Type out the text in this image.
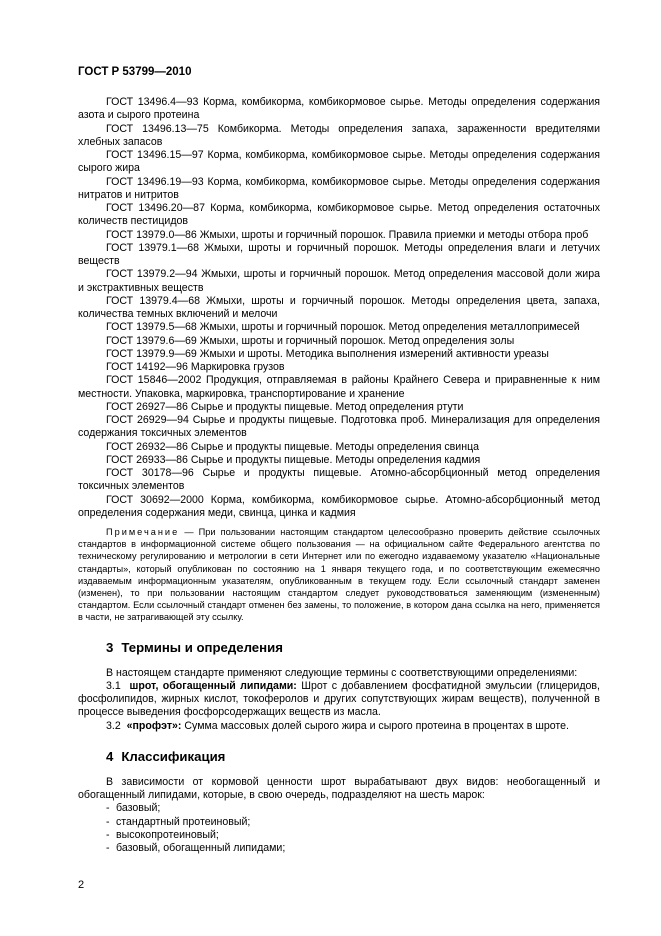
ГОСТ Р 53799—2010

ГОСТ 13496.4—93 Корма, комбикорма, комбикормовое сырье. Методы определения содержания азота и сырого протеина

ГОСТ 13496.13—75 Комбикорма. Методы определения запаха, зараженности вредителями хлебных запасов

ГОСТ 13496.15—97 Корма, комбикорма, комбикормовое сырье. Методы определения содержания сырого жира

ГОСТ 13496.19—93 Корма, комбикорма, комбикормовое сырье. Методы определения содержания нитратов и нитритов

ГОСТ 13496.20—87 Корма, комбикорма, комбикормовое сырье. Метод определения остаточных количеств пестицидов

ГОСТ 13979.0—86 Жмыхи, шроты и горчичный порошок. Правила приемки и методы отбора проб

ГОСТ 13979.1—68 Жмыхи, шроты и горчичный порошок. Методы определения влаги и летучих веществ

ГОСТ 13979.2—94 Жмыхи, шроты и горчичный порошок. Метод определения массовой доли жира и экстрактивных веществ

ГОСТ 13979.4—68 Жмыхи, шроты и горчичный порошок. Методы определения цвета, запаха, количества темных включений и мелочи

ГОСТ 13979.5—68 Жмыхи, шроты и горчичный порошок. Метод определения металлопримесей

ГОСТ 13979.6—69 Жмыхи, шроты и горчичный порошок. Метод определения золы

ГОСТ 13979.9—69 Жмыхи и шроты. Методика выполнения измерений активности уреазы

ГОСТ 14192—96 Маркировка грузов

ГОСТ 15846—2002 Продукция, отправляемая в районы Крайнего Севера и приравненные к ним местности. Упаковка, маркировка, транспортирование и хранение

ГОСТ 26927—86 Сырье и продукты пищевые. Метод определения ртути

ГОСТ 26929—94 Сырье и продукты пищевые. Подготовка проб. Минерализация для определения содержания токсичных элементов

ГОСТ 26932—86 Сырье и продукты пищевые. Методы определения свинца

ГОСТ 26933—86 Сырье и продукты пищевые. Методы определения кадмия

ГОСТ 30178—96 Сырье и продукты пищевые. Атомно-абсорбционный метод определения токсичных элементов

ГОСТ 30692—2000 Корма, комбикорма, комбикормовое сырье. Атомно-абсорбционный метод определения содержания меди, свинца, цинка и кадмия

Примечание — При пользовании настоящим стандартом целесообразно проверить действие ссылочных стандартов в информационной системе общего пользования — на официальном сайте Федерального агентства по техническому регулированию и метрологии в сети Интернет или по ежегодно издаваемому указателю «Национальные стандарты», который опубликован по состоянию на 1 января текущего года, и по соответствующим ежемесячно издаваемым информационным указателям, опубликованным в текущем году. Если ссылочный стандарт заменен (изменен), то при пользовании настоящим стандартом следует руководствоваться заменяющим (измененным) стандартом. Если ссылочный стандарт отменен без замены, то положение, в котором дана ссылка на него, применяется в части, не затрагивающей эту ссылку.

3 Термины и определения

В настоящем стандарте применяют следующие термины с соответствующими определениями:

3.1 шрот, обогащенный липидами: Шрот с добавлением фосфатидной эмульсии (глицеридов, фосфолипидов, жирных кислот, токоферолов и других сопутствующих жирам веществ), полученной в процессе выведения фосфорсодержащих веществ из масла.

3.2 «профэт»: Сумма массовых долей сырого жира и сырого протеина в процентах в шроте.

4 Классификация

В зависимости от кормовой ценности шрот вырабатывают двух видов: необогащенный и обогащенный липидами, которые, в свою очередь, подразделяют на шесть марок:

- базовый;
- стандартный протеиновый;
- высокопротеиновый;
- базовый, обогащенный липидами;
2
